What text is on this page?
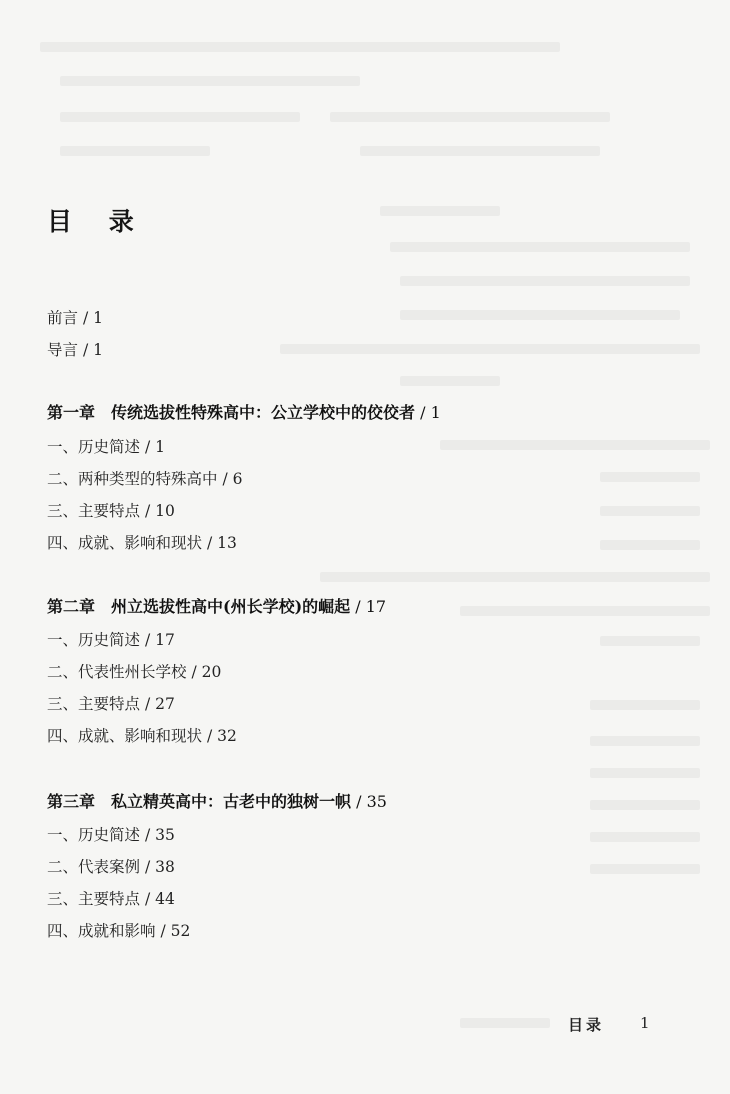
目 录
前言 / 1
导言 / 1
第一章 传统选拔性特殊高中：公立学校中的佼佼者 / 1
一、历史简述 / 1
二、两种类型的特殊高中 / 6
三、主要特点 / 10
四、成就、影响和现状 / 13
第二章 州立选拔性高中(州长学校)的崛起 / 17
一、历史简述 / 17
二、代表性州长学校 / 20
三、主要特点 / 27
四、成就、影响和现状 / 32
第三章 私立精英高中：古老中的独树一帜 / 35
一、历史简述 / 35
二、代表案例 / 38
三、主要特点 / 44
四、成就和影响 / 52
目录 1
